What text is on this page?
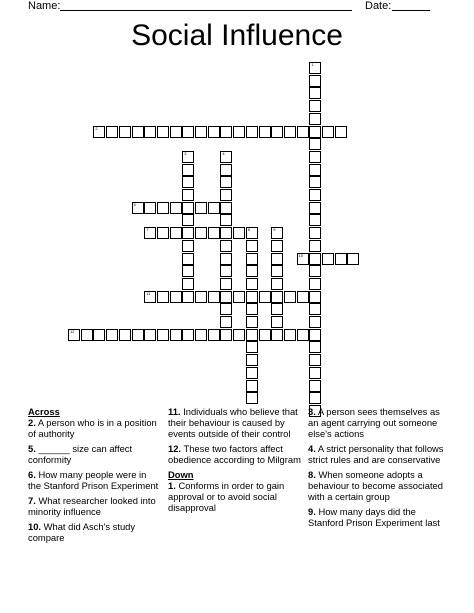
Name:	Date:
Social Influence
1
2
3	4
5
7	8	9
10
11
12
Across

2. A person who is in a position of authority

5. ______ size can affect conformity

6. How many people were in the Stanford Prison Experiment

7. What researcher looked into minority influence

10. What did Asch's study compare

11. Individuals who believe that their behaviour is caused by events outside of their control

12. These two factors affect obedience according to Milgram

Down

1. Conforms in order to gain approval or to avoid social disapproval

3. A person sees themselves as an agent carrying out someone else's actions

4. A strict personality that follows strict rules and are conservative

8. When someone adopts a behaviour to become associated with a certain group

9. How many days did the Stanford Prison Experiment last
